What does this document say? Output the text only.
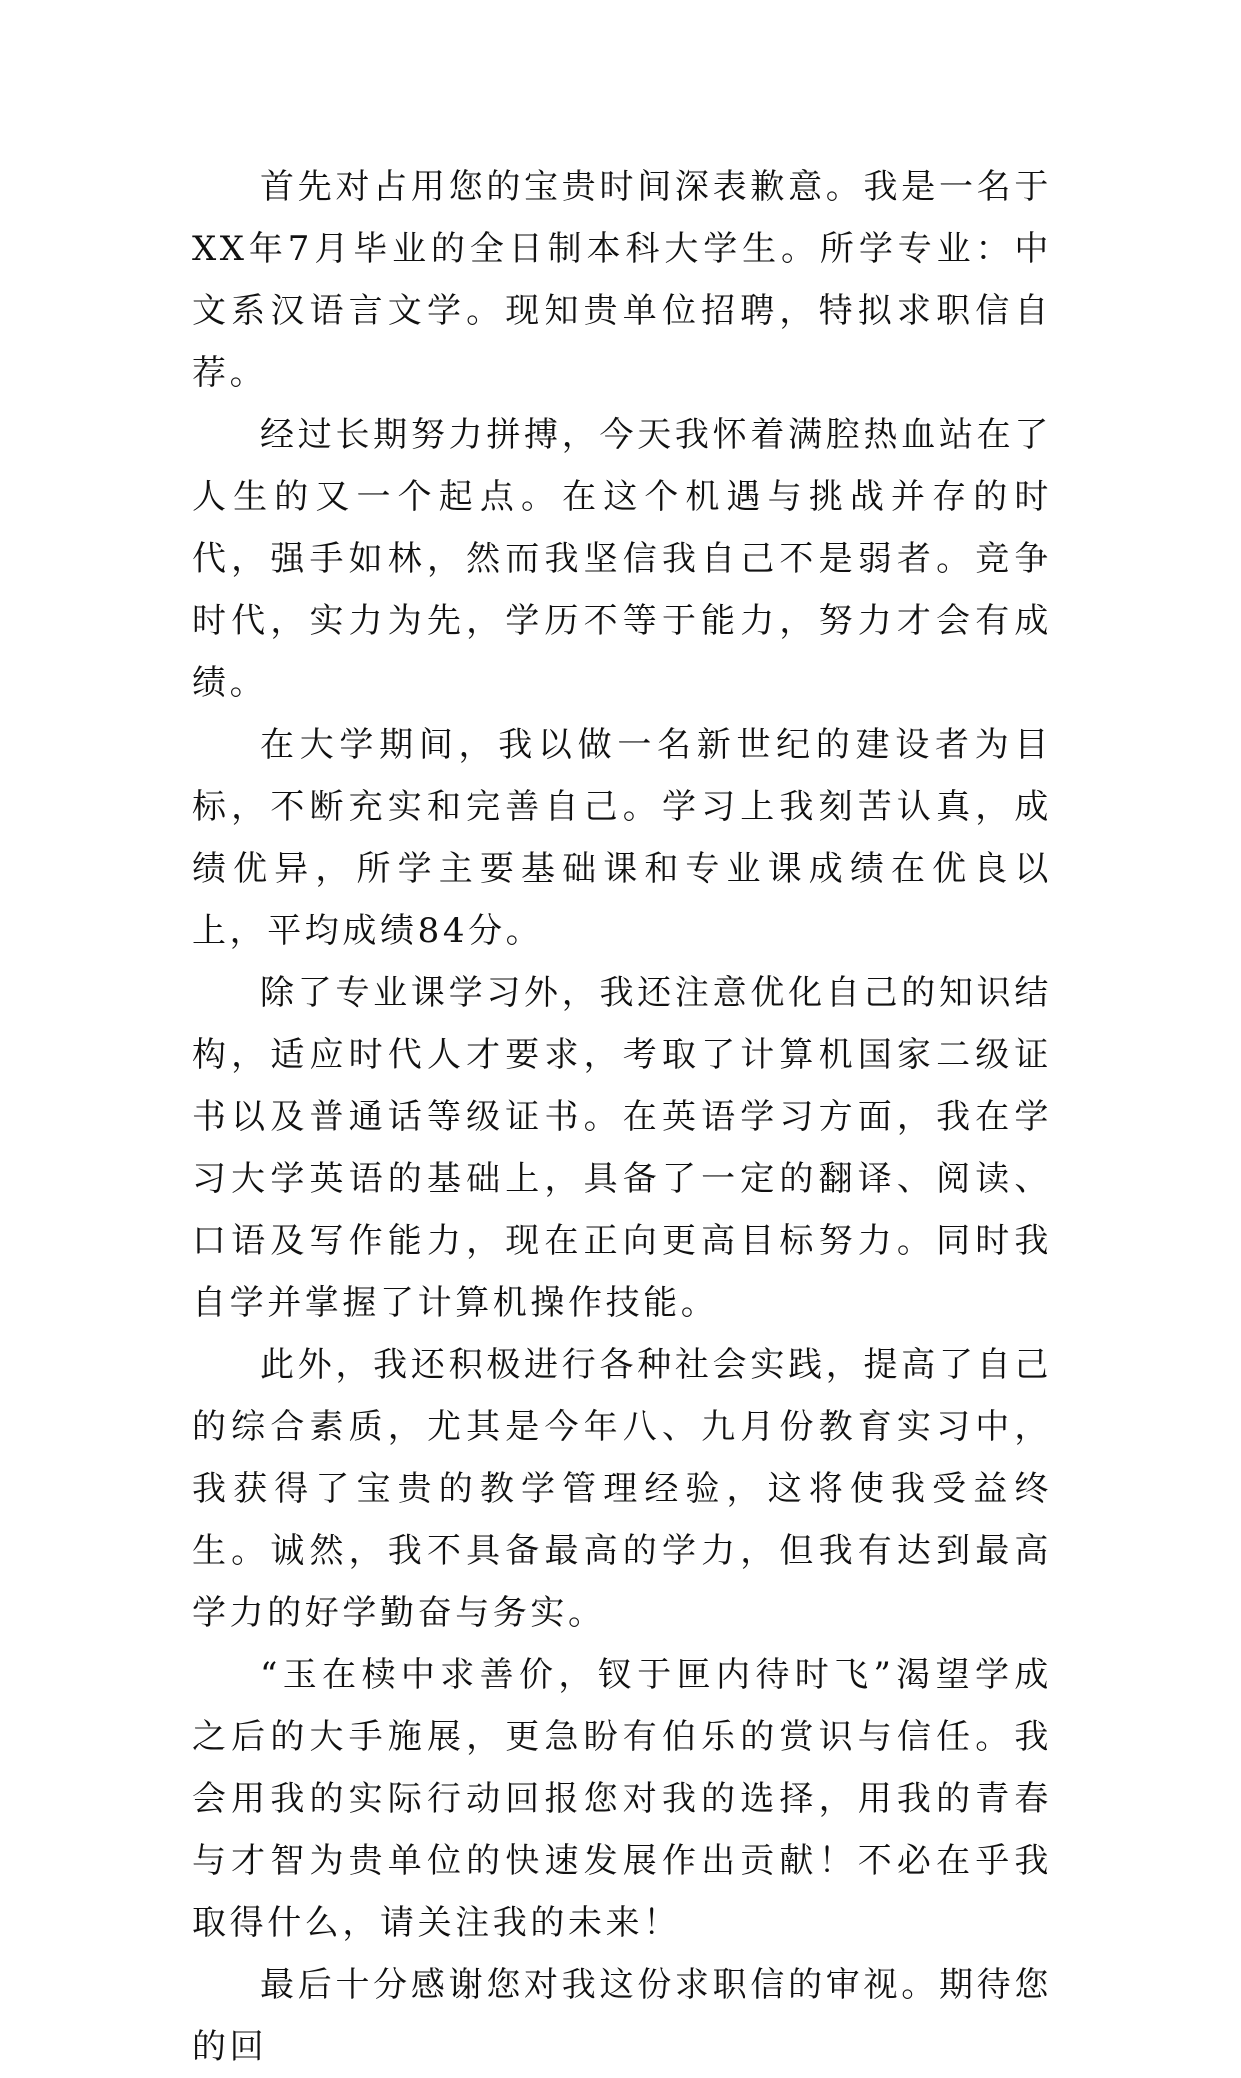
首先对占用您的宝贵时间深表歉意。我是一名于XX年7月毕业的全日制本科大学生。所学专业：中文系汉语言文学。现知贵单位招聘，特拟求职信自荐。

经过长期努力拼搏，今天我怀着满腔热血站在了人生的又一个起点。在这个机遇与挑战并存的时代，强手如林，然而我坚信我自己不是弱者。竞争时代，实力为先，学历不等于能力，努力才会有成绩。

在大学期间，我以做一名新世纪的建设者为目标，不断充实和完善自己。学习上我刻苦认真，成绩优异，所学主要基础课和专业课成绩在优良以上，平均成绩84分。

除了专业课学习外，我还注意优化自己的知识结构，适应时代人才要求，考取了计算机国家二级证书以及普通话等级证书。在英语学习方面，我在学习大学英语的基础上，具备了一定的翻译、阅读、口语及写作能力，现在正向更高目标努力。同时我自学并掌握了计算机操作技能。

此外，我还积极进行各种社会实践，提高了自己的综合素质，尤其是今年八、九月份教育实习中，我获得了宝贵的教学管理经验，这将使我受益终生。诚然，我不具备最高的学力，但我有达到最高学力的好学勤奋与务实。

“玉在椟中求善价，钗于匣内待时飞”渴望学成之后的大手施展，更急盼有伯乐的赏识与信任。我会用我的实际行动回报您对我的选择，用我的青春与才智为贵单位的快速发展作出贡献！不必在乎我取得什么，请关注我的未来！

最后十分感谢您对我这份求职信的审视。期待您的回
